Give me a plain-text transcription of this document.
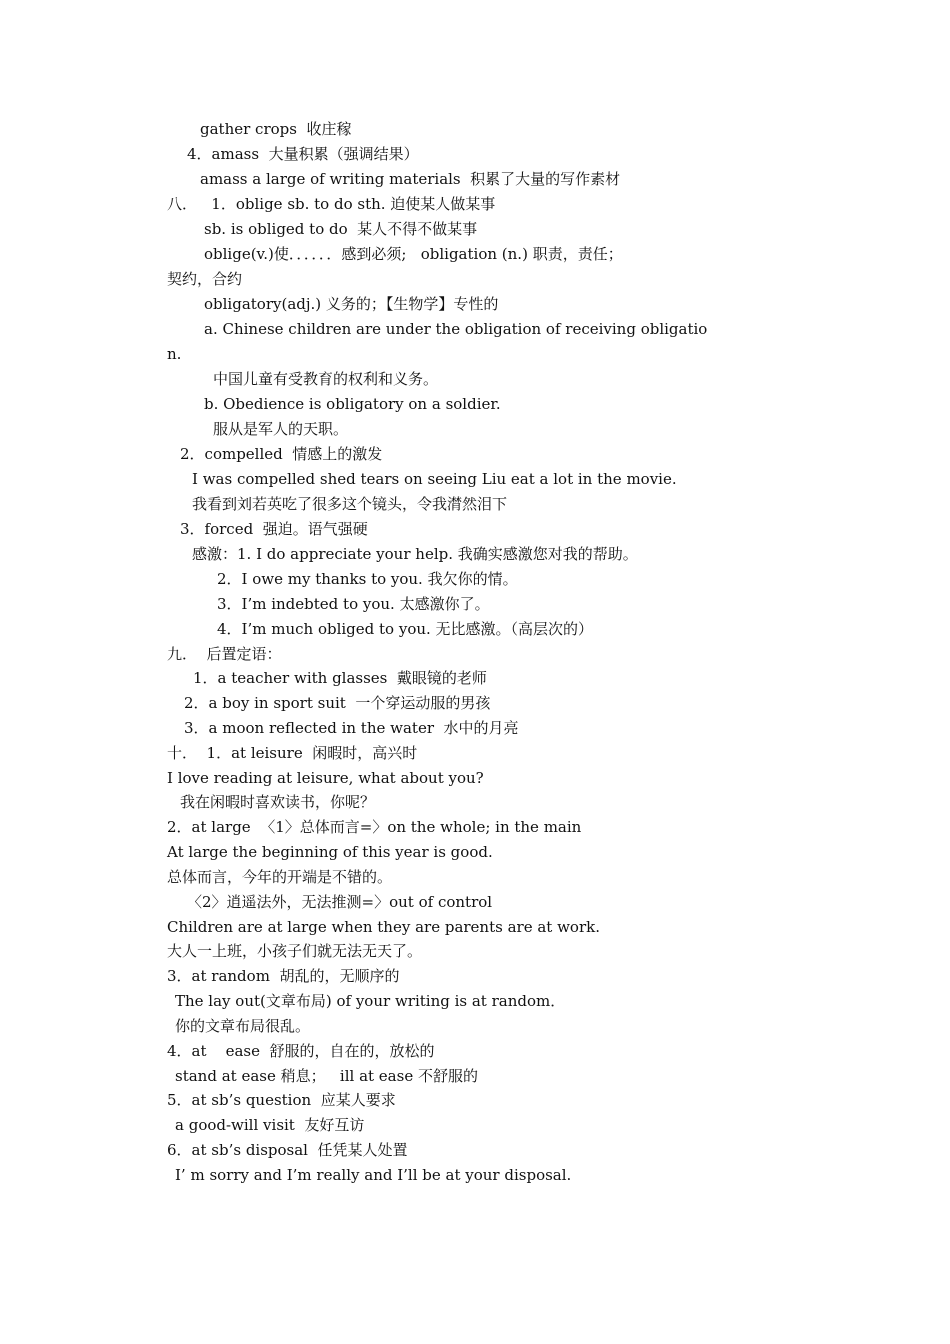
gather crops  收庄稼
4．amass  大量积累（强调结果）
amass a large of writing materials  积累了大量的写作素材
八．   1．oblige sb. to do sth. 迫使某人做某事
sb. is obliged to do  某人不得不做某事
oblige(v.)使．．．．．．感到必须;   obligation (n.) 职责，责任；
契约，合约
obligatory(adj.) 义务的；【生物学】专性的
a. Chinese children are under the obligation of receiving obligatio
n.
中国儿童有受教育的权利和义务。
b. Obedience is obligatory on a soldier.
服从是军人的天职。
2．compelled  情感上的激发
I was compelled shed tears on seeing Liu eat a lot in the movie.
我看到刘若英吃了很多这个镜头，令我潸然泪下
3．forced  强迫。语气强硬
感激：1. I do appreciate your help. 我确实感激您对我的帮助。
2．I owe my thanks to you. 我欠你的情。
3．I’m indebted to you. 太感激你了。
4．I’m much obliged to you. 无比感激。（高层次的）
九．  后置定语：
1．a teacher with glasses  戴眼镜的老师
2．a boy in sport suit  一个穿运动服的男孩
3．a moon reflected in the water  水中的月亮
十．  1．at leisure  闲暇时，高兴时
I love reading at leisure, what about you?
我在闲暇时喜欢读书，你呢？
2．at large  〈1〉总体而言=〉on the whole; in the main
At large the beginning of this year is good.
总体而言，今年的开端是不错的。
〈2〉逍遥法外，无法推测=〉out of control
Children are at large when they are parents are at work.
大人一上班，小孩子们就无法无天了。
3．at random  胡乱的，无顺序的
The lay out(文章布局) of your writing is at random．
你的文章布局很乱。
4．at    ease  舒服的，自在的，放松的
stand at ease 稍息；   ill at ease 不舒服的
5．at sb’s question  应某人要求
a good-will visit  友好互访
6．at sb’s disposal  任凭某人处置
I’ m sorry and I’m really and I’ll be at your disposal.
